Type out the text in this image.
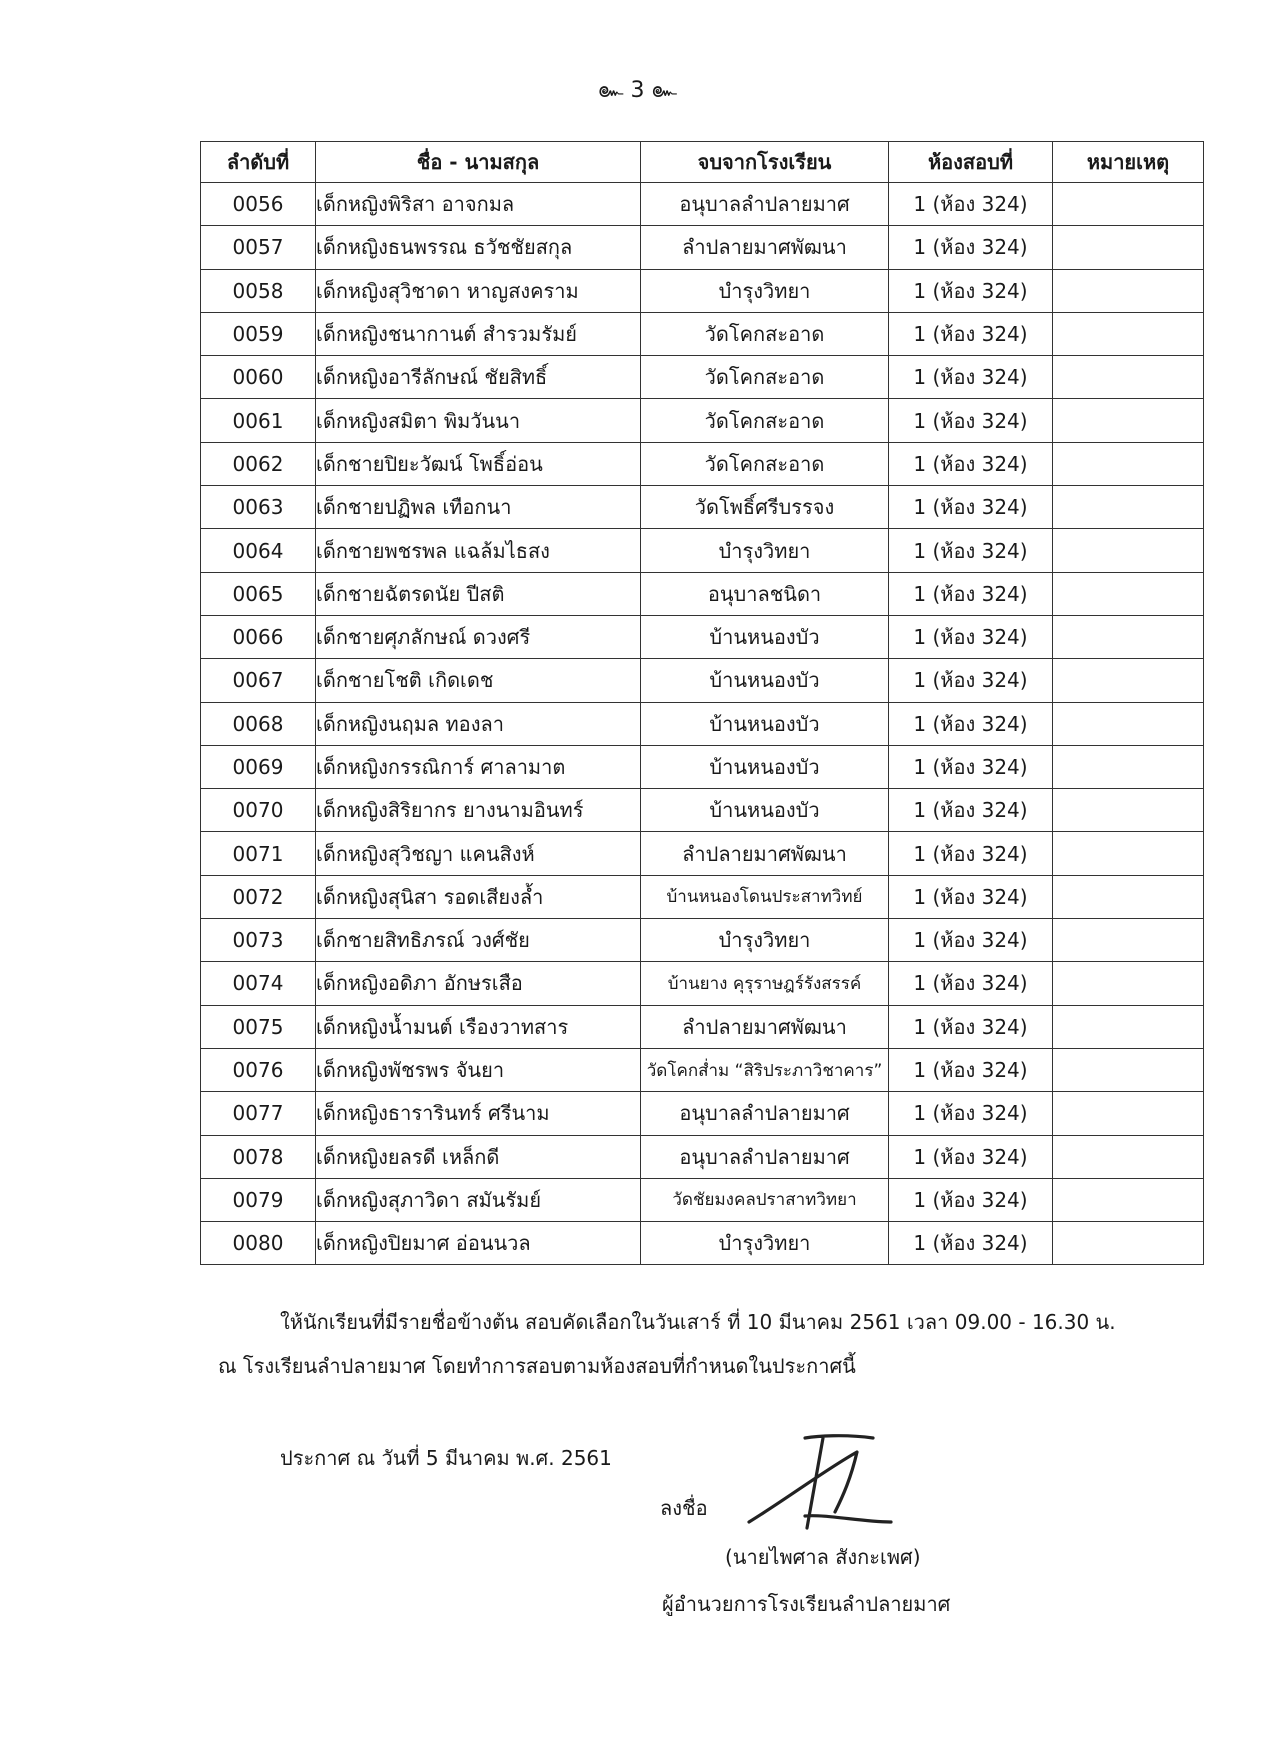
๛ 3 ๛
ลำดับที่	ชื่อ - นามสกุล	จบจากโรงเรียน	ห้องสอบที่	หมายเหตุ
0056	เด็กหญิงพิริสา อาจกมล	อนุบาลลำปลายมาศ	1 (ห้อง 324)	
0057	เด็กหญิงธนพรรณ ธวัชชัยสกุล	ลำปลายมาศพัฒนา	1 (ห้อง 324)	
0058	เด็กหญิงสุวิชาดา หาญสงคราม	บำรุงวิทยา	1 (ห้อง 324)	
0059	เด็กหญิงชนากานต์ สำรวมรัมย์	วัดโคกสะอาด	1 (ห้อง 324)	
0060	เด็กหญิงอารีลักษณ์ ชัยสิทธิ์	วัดโคกสะอาด	1 (ห้อง 324)	
0061	เด็กหญิงสมิตา พิมวันนา	วัดโคกสะอาด	1 (ห้อง 324)	
0062	เด็กชายปิยะวัฒน์ โพธิ์อ่อน	วัดโคกสะอาด	1 (ห้อง 324)	
0063	เด็กชายปฏิพล เทือกนา	วัดโพธิ์ศรีบรรจง	1 (ห้อง 324)	
0064	เด็กชายพชรพล แฉล้มไธสง	บำรุงวิทยา	1 (ห้อง 324)	
0065	เด็กชายฉัตรดนัย ปีสติ	อนุบาลชนิดา	1 (ห้อง 324)	
0066	เด็กชายศุภลักษณ์ ดวงศรี	บ้านหนองบัว	1 (ห้อง 324)	
0067	เด็กชายโชติ เกิดเดช	บ้านหนองบัว	1 (ห้อง 324)	
0068	เด็กหญิงนฤมล ทองลา	บ้านหนองบัว	1 (ห้อง 324)	
0069	เด็กหญิงกรรณิการ์ ศาลามาต	บ้านหนองบัว	1 (ห้อง 324)	
0070	เด็กหญิงสิริยากร ยางนามอินทร์	บ้านหนองบัว	1 (ห้อง 324)	
0071	เด็กหญิงสุวิชญา แคนสิงห์	ลำปลายมาศพัฒนา	1 (ห้อง 324)	
0072	เด็กหญิงสุนิสา รอดเสียงล้ำ	บ้านหนองโดนประสาทวิทย์	1 (ห้อง 324)	
0073	เด็กชายสิทธิภรณ์ วงศ์ชัย	บำรุงวิทยา	1 (ห้อง 324)	
0074	เด็กหญิงอดิภา อักษรเสือ	บ้านยาง คุรุราษฎร์รังสรรค์	1 (ห้อง 324)	
0075	เด็กหญิงน้ำมนต์ เรืองวาทสาร	ลำปลายมาศพัฒนา	1 (ห้อง 324)	
0076	เด็กหญิงพัชรพร จันยา	วัดโคกส่ำม “สิริประภาวิชาคาร”	1 (ห้อง 324)	
0077	เด็กหญิงธารารินทร์ ศรีนาม	อนุบาลลำปลายมาศ	1 (ห้อง 324)	
0078	เด็กหญิงยลรดี เหล็กดี	อนุบาลลำปลายมาศ	1 (ห้อง 324)	
0079	เด็กหญิงสุภาวิดา สมันรัมย์	วัดชัยมงคลปราสาทวิทยา	1 (ห้อง 324)	
0080	เด็กหญิงปิยมาศ อ่อนนวล	บำรุงวิทยา	1 (ห้อง 324)	

ให้นักเรียนที่มีรายชื่อข้างต้น สอบคัดเลือกในวันเสาร์ ที่ 10 มีนาคม 2561 เวลา 09.00 - 16.30 น.

ณ โรงเรียนลำปลายมาศ โดยทำการสอบตามห้องสอบที่กำหนดในประกาศนี้

ประกาศ ณ วันที่ 5 มีนาคม พ.ศ. 2561
ลงชื่อ
(นายไพศาล สังกะเพศ)
ผู้อำนวยการโรงเรียนลำปลายมาศ
